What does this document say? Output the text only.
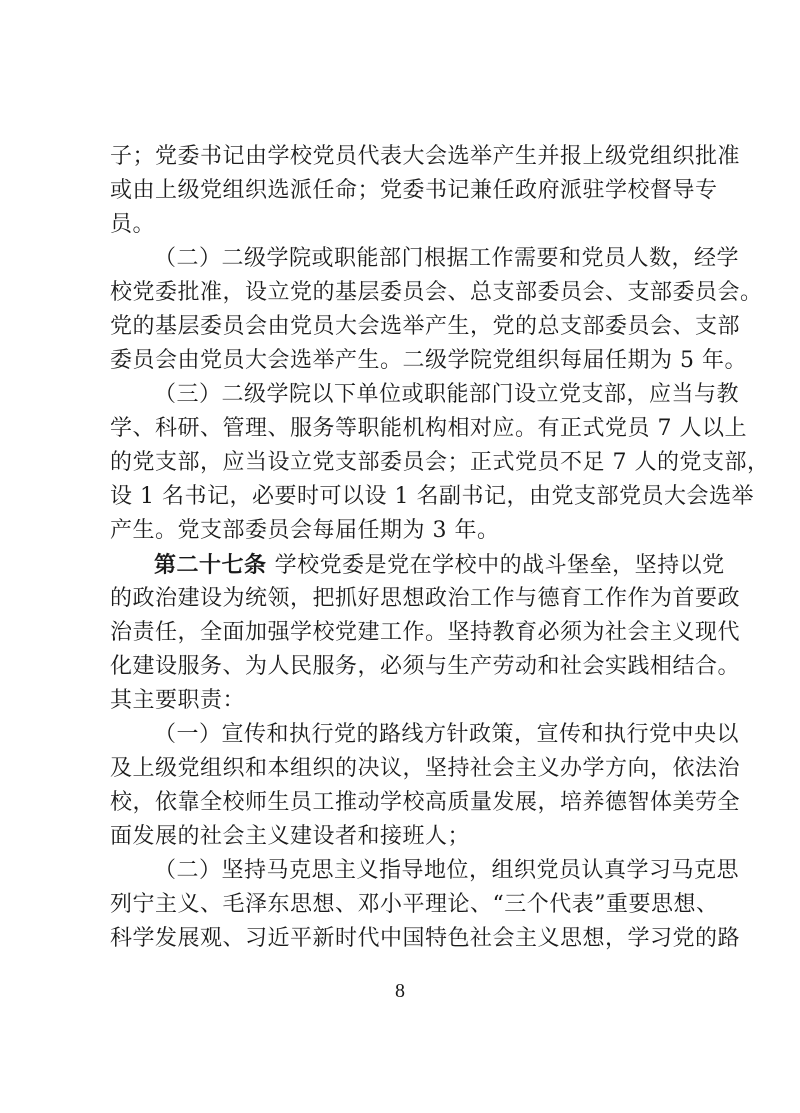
子；党委书记由学校党员代表大会选举产生并报上级党组织批准
或由上级党组织选派任命；党委书记兼任政府派驻学校督导专
员。
（二）二级学院或职能部门根据工作需要和党员人数，经学
校党委批准，设立党的基层委员会、总支部委员会、支部委员会。
党的基层委员会由党员大会选举产生，党的总支部委员会、支部
委员会由党员大会选举产生。二级学院党组织每届任期为 5 年。
（三）二级学院以下单位或职能部门设立党支部，应当与教
学、科研、管理、服务等职能机构相对应。有正式党员 7 人以上
的党支部，应当设立党支部委员会；正式党员不足 7 人的党支部，
设 1 名书记，必要时可以设 1 名副书记，由党支部党员大会选举
产生。党支部委员会每届任期为 3 年。
第二十七条 学校党委是党在学校中的战斗堡垒，坚持以党
的政治建设为统领，把抓好思想政治工作与德育工作作为首要政
治责任，全面加强学校党建工作。坚持教育必须为社会主义现代
化建设服务、为人民服务，必须与生产劳动和社会实践相结合。
其主要职责：
（一）宣传和执行党的路线方针政策，宣传和执行党中央以
及上级党组织和本组织的决议，坚持社会主义办学方向，依法治
校，依靠全校师生员工推动学校高质量发展，培养德智体美劳全
面发展的社会主义建设者和接班人；
（二）坚持马克思主义指导地位，组织党员认真学习马克思
列宁主义、毛泽东思想、邓小平理论、“三个代表”重要思想、
科学发展观、习近平新时代中国特色社会主义思想，学习党的路
8
